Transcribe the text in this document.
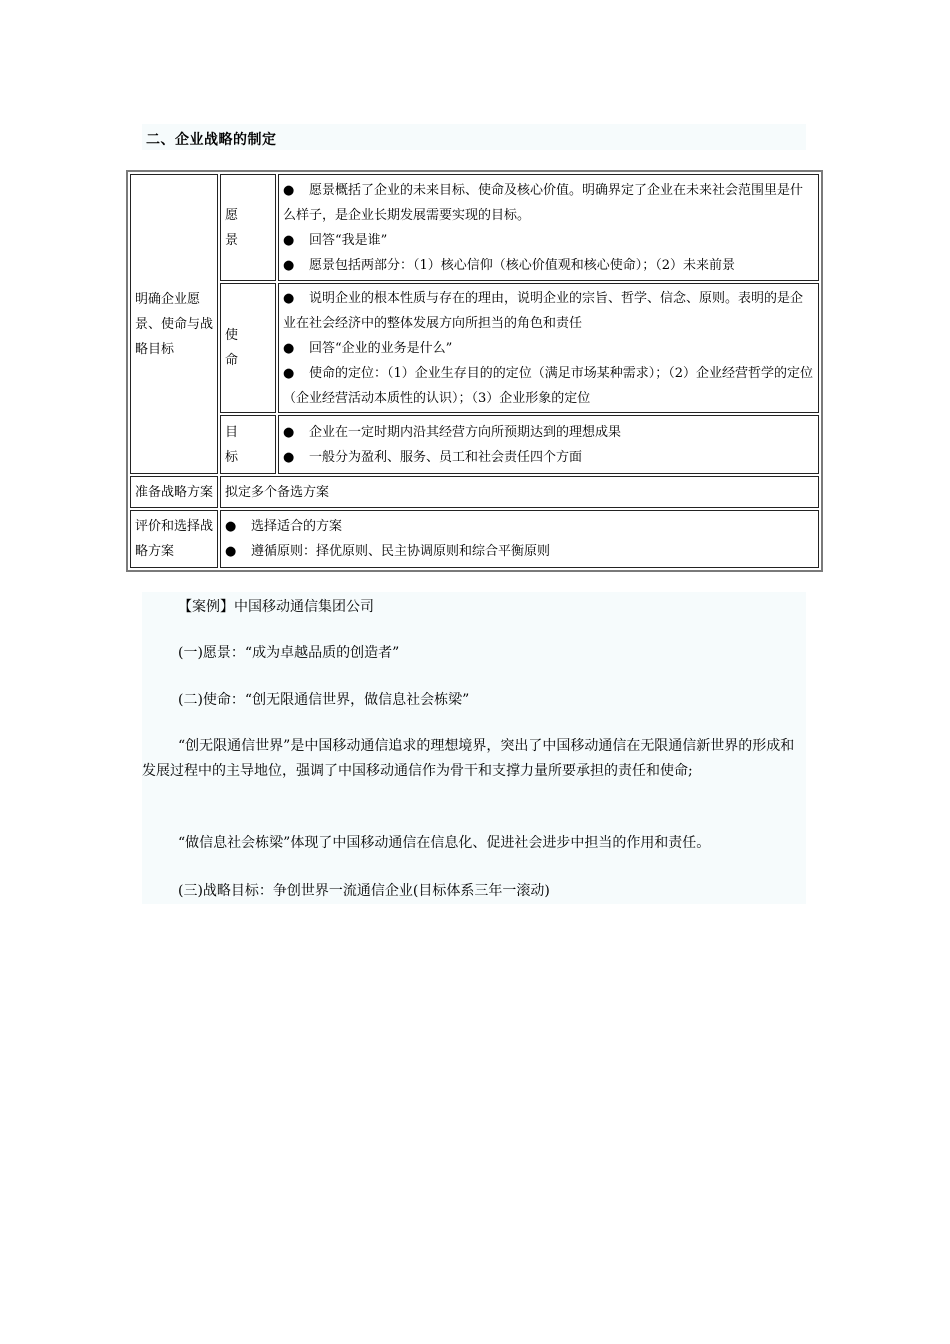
二、企业战略的制定
明确企业愿景、使命与战略目标	愿　景	● 愿景概括了企业的未来目标、使命及核心价值。明确界定了企业在未来社会范围里是什么样子，是企业长期发展需要实现的目标。
● 回答“我是谁”
● 愿景包括两部分：（1）核心信仰（核心价值观和核心使命）；（2）未来前景

	使　命	● 说明企业的根本性质与存在的理由，说明企业的宗旨、哲学、信念、原则。表明的是企业在社会经济中的整体发展方向所担当的角色和责任
● 回答“企业的业务是什么”
● 使命的定位：（1）企业生存目的的定位（满足市场某种需求）；（2）企业经营哲学的定位（企业经营活动本质性的认识）；（3）企业形象的定位

	目　标	● 企业在一定时期内沿其经营方向所预期达到的理想成果
● 一般分为盈利、服务、员工和社会责任四个方面

准备战略方案	拟定多个备选方案	
评价和选择战略方案	● 选择适合的方案
● 遵循原则：择优原则、民主协调原则和综合平衡原则	

【案例】中国移动通信集团公司

(一)愿景：“成为卓越品质的创造者”

(二)使命：“创无限通信世界，做信息社会栋梁”

“创无限通信世界”是中国移动通信追求的理想境界，突出了中国移动通信在无限通信新世界的形成和发展过程中的主导地位，强调了中国移动通信作为骨干和支撑力量所要承担的责任和使命;

“做信息社会栋梁”体现了中国移动通信在信息化、促进社会进步中担当的作用和责任。

(三)战略目标：争创世界一流通信企业(目标体系三年一滚动)
